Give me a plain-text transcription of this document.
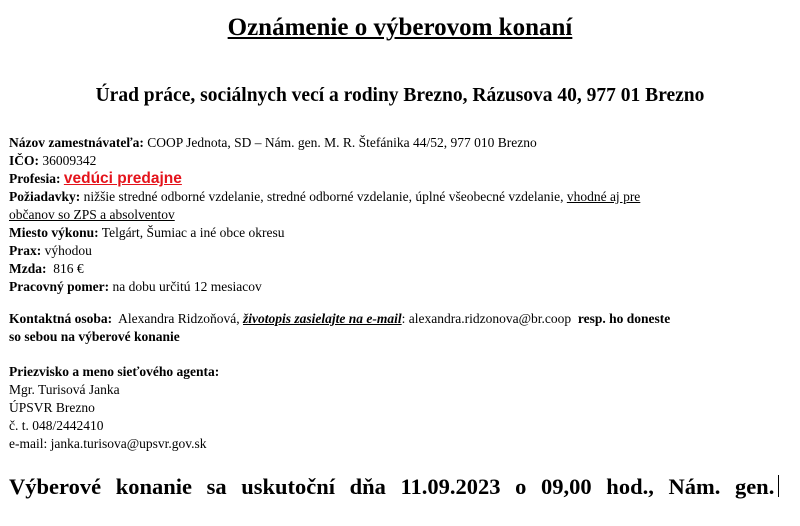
Oznámenie o výberovom konaní
Úrad práce, sociálnych vecí a rodiny Brezno, Rázusova 40, 977 01 Brezno
Názov zamestnávateľa: COOP Jednota, SD – Nám. gen. M. R. Štefánika 44/52, 977 010 Brezno
IČO: 36009342
Profesia: vedúci predajne
Požiadavky: nižšie stredné odborné vzdelanie, stredné odborné vzdelanie, úplné všeobecné vzdelanie, vhodné aj pre
občanov so ZPS a absolventov
Miesto výkonu: Telgárt, Šumiac a iné obce okresu
Prax: výhodou
Mzda:  816 €
Pracovný pomer: na dobu určitú 12 mesiacov
Kontaktná osoba:  Alexandra Ridzoňová, životopis zasielajte na e-mail: alexandra.ridzonova@br.coop  resp. ho doneste
so sebou na výberové konanie
Priezvisko a meno sieťového agenta:
Mgr. Turisová Janka
ÚPSVR Brezno
č. t. 048/2442410
e-mail: janka.turisova@upsvr.gov.sk
Výberové konanie sa uskutoční dňa 11.09.2023 o 09,00 hod., Nám. gen.
